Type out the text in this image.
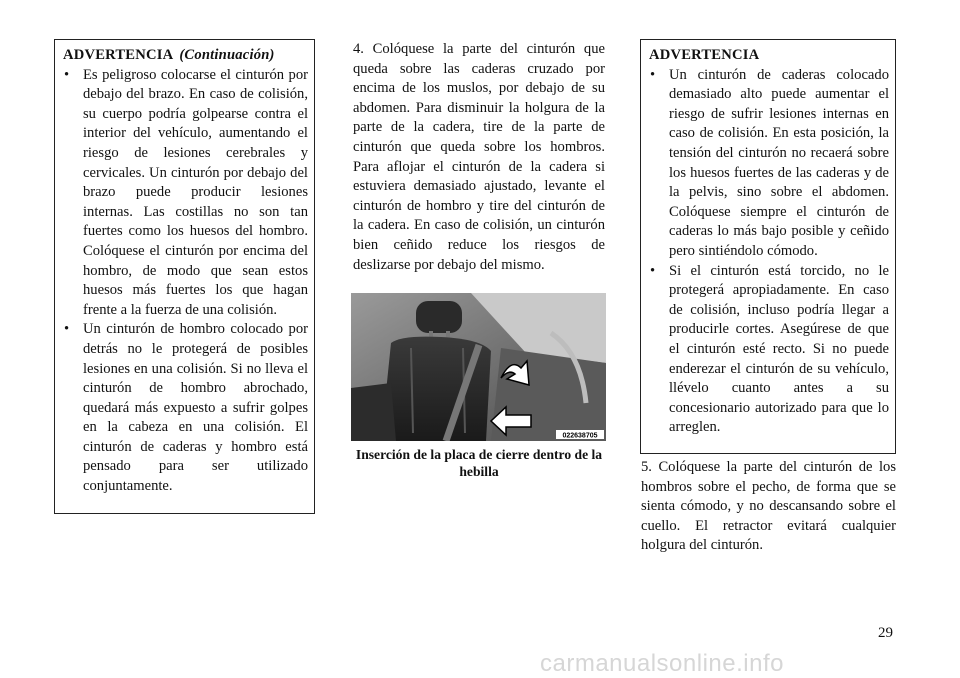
ADVERTENCIA (Continuación)
• Es peligroso colocarse el cinturón por debajo del brazo. En caso de colisión, su cuerpo podría golpearse contra el interior del vehículo, aumentando el riesgo de lesiones cerebrales y cervicales. Un cinturón por debajo del brazo puede producir lesiones internas. Las costillas no son tan fuertes como los huesos del hombro. Colóquese el cinturón por encima del hombro, de modo que sean estos huesos más fuertes los que hagan frente a la fuerza de una colisión.
• Un cinturón de hombro colocado por detrás no le protegerá de posibles lesiones en una colisión. Si no lleva el cinturón de hombro abrochado, quedará más expuesto a sufrir golpes en la cabeza en una colisión. El cinturón de caderas y hombro está pensado para ser utilizado conjuntamente.

4. Colóquese la parte del cinturón que queda sobre las caderas cruzado por encima de los muslos, por debajo de su abdomen. Para disminuir la holgura de la parte de la cadera, tire de la parte de cinturón que queda sobre los hombros. Para aflojar el cinturón de la cadera si estuviera demasiado ajustado, levante el cinturón de hombro y tire del cinturón de la cadera. En caso de colisión, un cinturón bien ceñido reduce los riesgos de deslizarse por debajo del mismo.

022638705
Inserción de la placa de cierre dentro de la hebilla
ADVERTENCIA
• Un cinturón de caderas colocado demasiado alto puede aumentar el riesgo de sufrir lesiones internas en caso de colisión. En esta posición, la tensión del cinturón no recaerá sobre los huesos fuertes de las caderas y de la pelvis, sino sobre el abdomen. Colóquese siempre el cinturón de caderas lo más bajo posible y ceñido pero sintiéndolo cómodo.
• Si el cinturón está torcido, no le protegerá apropiadamente. En caso de colisión, incluso podría llegar a producirle cortes. Asegúrese de que el cinturón esté recto. Si no puede enderezar el cinturón de su vehículo, llévelo cuanto antes a su concesionario autorizado para que lo arreglen.

5. Colóquese la parte del cinturón de los hombros sobre el pecho, de forma que se sienta cómodo, y no descansando sobre el cuello. El retractor evitará cualquier holgura del cinturón.

29
carmanualsonline.info
